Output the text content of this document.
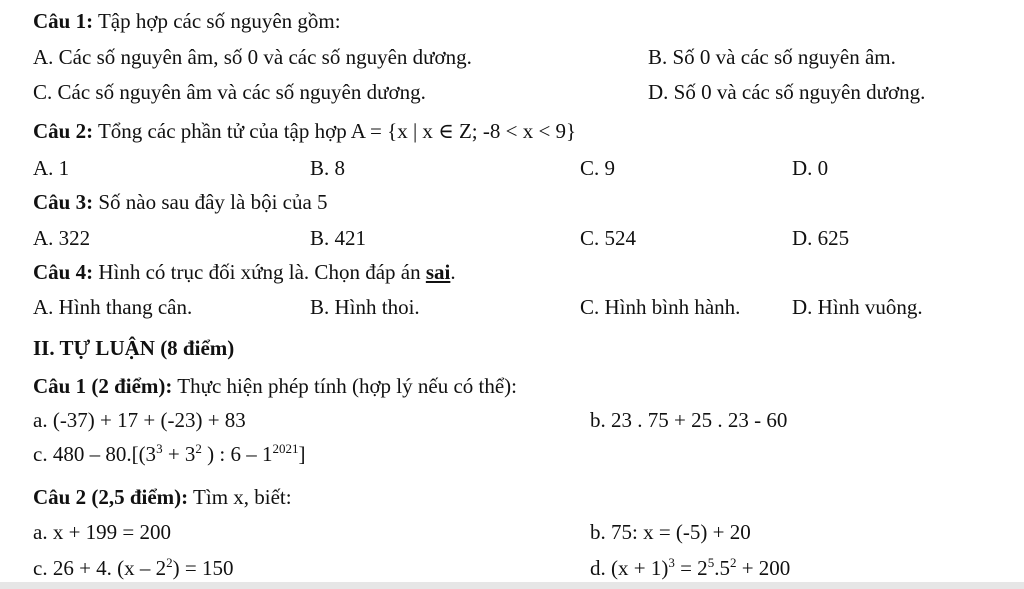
Câu 1: Tập hợp các số nguyên gồm:
A. Các số nguyên âm, số 0 và các số nguyên dương.	B. Số 0 và các số nguyên âm.
C. Các số nguyên âm và các số nguyên dương.	D. Số 0 và các số nguyên dương.
Câu 2: Tổng các phần tử của tập hợp A = {x | x ∈ Z; -8 < x < 9}
A. 1	B. 8	C. 9	D. 0
Câu 3: Số nào sau đây là bội của 5
A. 322	B. 421	C. 524	D. 625
Câu 4: Hình có trục đối xứng là. Chọn đáp án sai.
A. Hình thang cân.	B. Hình thoi.	C. Hình bình hành. D. Hình vuông.
II. TỰ LUẬN (8 điểm)
Câu 1 (2 điểm): Thực hiện phép tính (hợp lý nếu có thể):
a. (-37) + 17 + (-23) + 83	b. 23 . 75 + 25 . 23 - 60
c. $480 - 80.[(3^3 + 3^2$ ) : $6 - 1^{2021}$]
Câu 2 (2,5 điểm): Tìm x, biết:
a. x + 199 = 200	b. 75: x = (-5) + 20
c. 26 + 4. $(x - 2^2) = 150$	d. $(x + 1)^3 = 2^5.5^2 + 200$
